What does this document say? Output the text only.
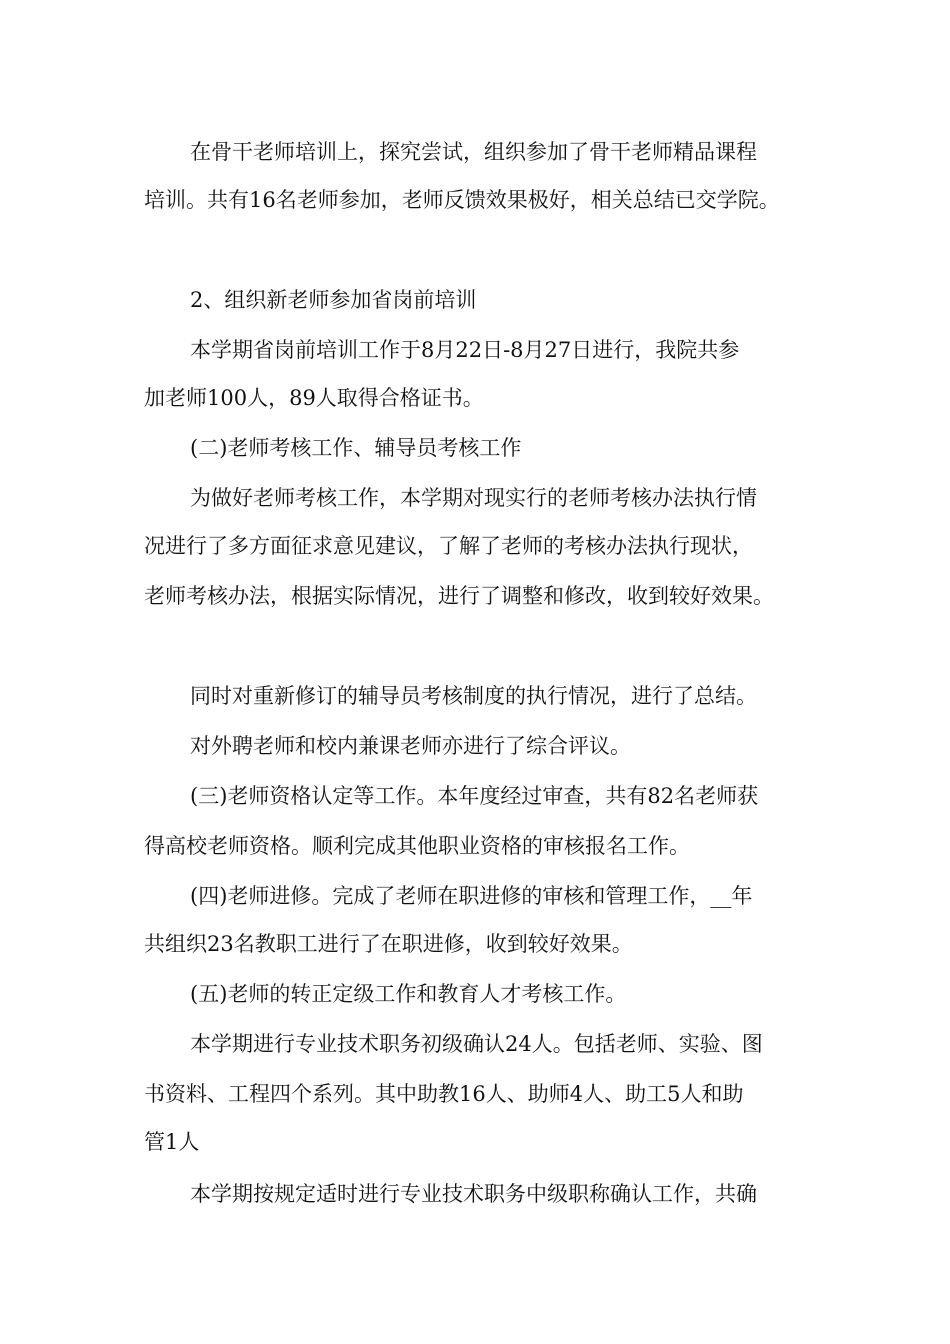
在骨干老师培训上，探究尝试，组织参加了骨干老师精品课程
培训。共有16名老师参加，老师反馈效果极好，相关总结已交学院。
2、组织新老师参加省岗前培训
本学期省岗前培训工作于8月22日-8月27日进行，我院共参
加老师100人，89人取得合格证书。
(二)老师考核工作、辅导员考核工作
为做好老师考核工作，本学期对现实行的老师考核办法执行情
况进行了多方面征求意见建议，了解了老师的考核办法执行现状，
老师考核办法，根据实际情况，进行了调整和修改，收到较好效果。
同时对重新修订的辅导员考核制度的执行情况，进行了总结。
对外聘老师和校内兼课老师亦进行了综合评议。
(三)老师资格认定等工作。本年度经过审查，共有82名老师获
得高校老师资格。顺利完成其他职业资格的审核报名工作。
(四)老师进修。完成了老师在职进修的审核和管理工作，__年
共组织23名教职工进行了在职进修，收到较好效果。
(五)老师的转正定级工作和教育人才考核工作。
本学期进行专业技术职务初级确认24人。包括老师、实验、图
书资料、工程四个系列。其中助教16人、助师4人、助工5人和助
管1人
本学期按规定适时进行专业技术职务中级职称确认工作，共确
